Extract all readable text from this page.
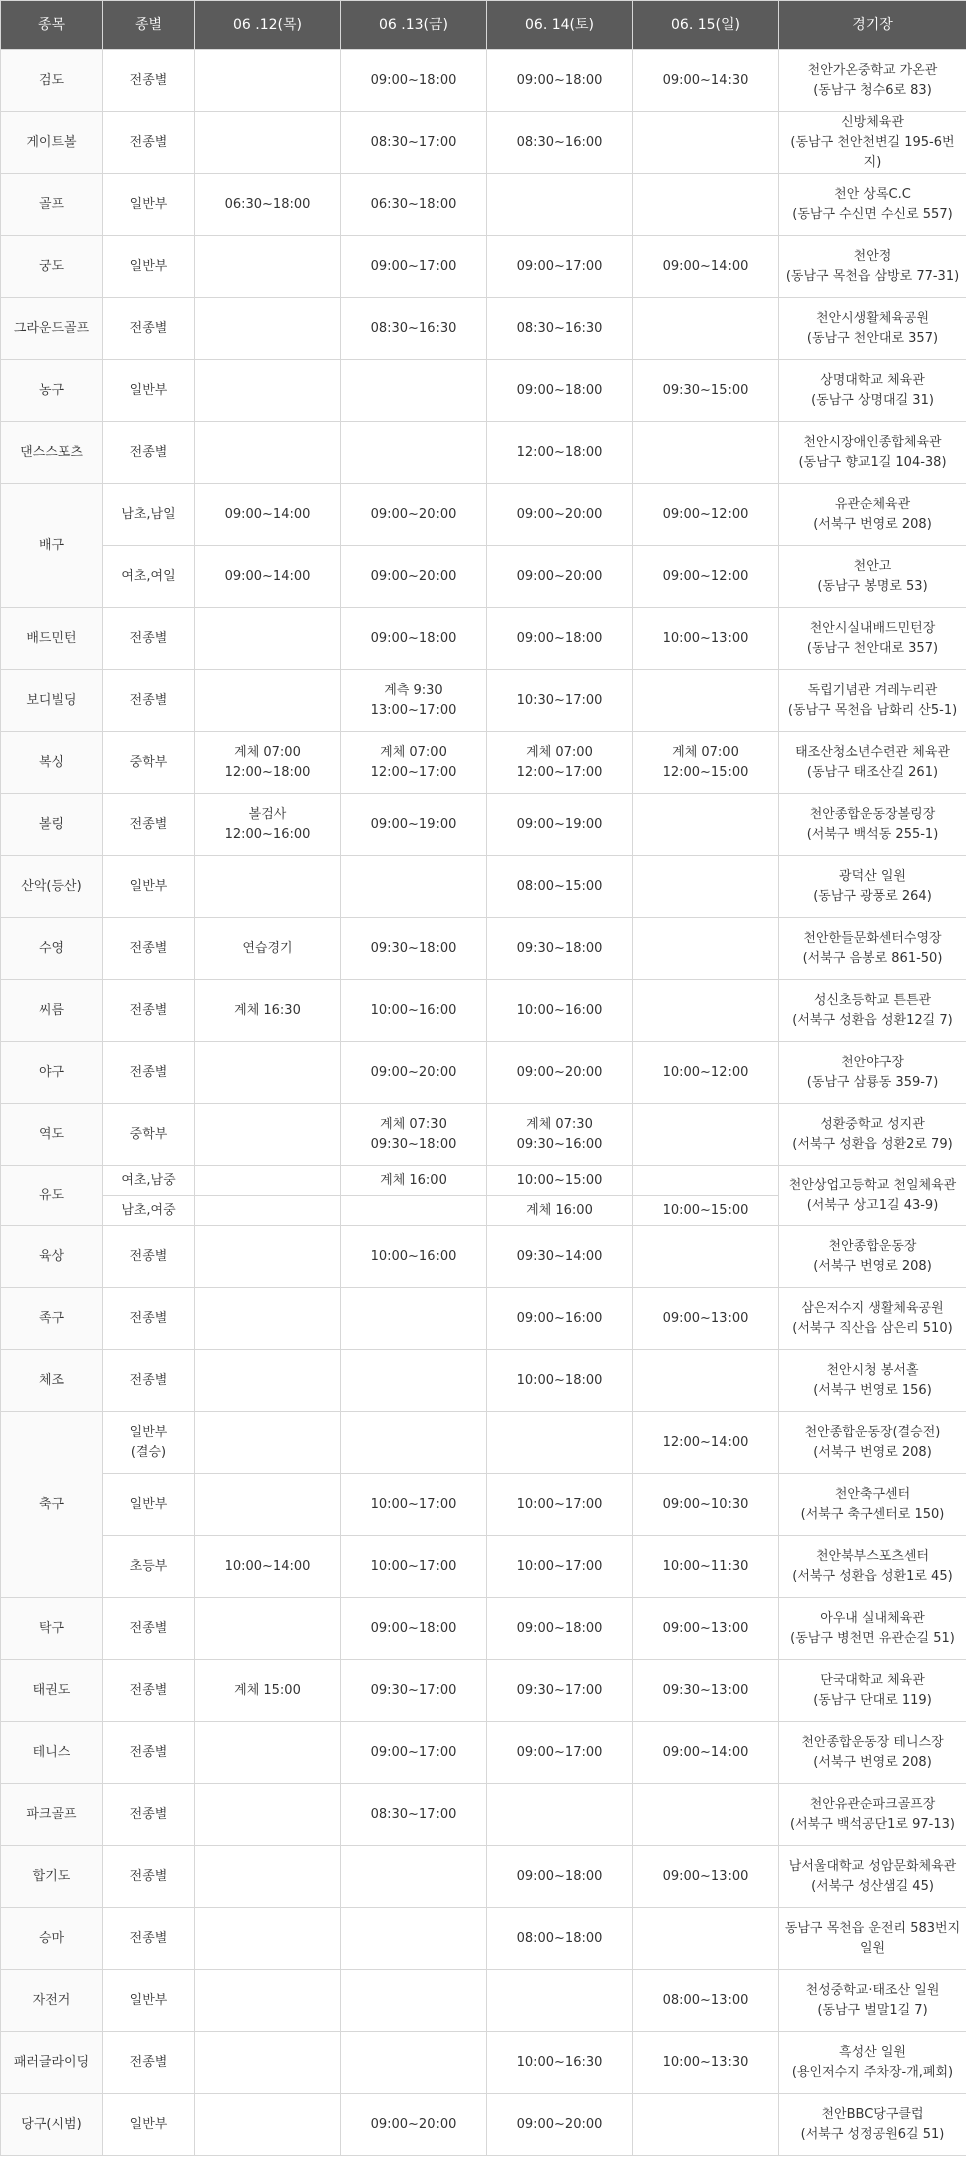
종목	종별	06 .12(목)	06 .13(금)	06. 14(토)	06. 15(일)	경기장
검도	전종별		09:00~18:00	09:00~18:00	09:00~14:30	천안가온중학교 가온관
(동남구 청수6로 83)
게이트볼	전종별		08:30~17:00	08:30~16:00		신방체육관
(동남구 천안천변길 195-6번지)
골프	일반부	06:30~18:00	06:30~18:00			천안 상록C.C
(동남구 수신면 수신로 557)
궁도	일반부		09:00~17:00	09:00~17:00	09:00~14:00	천안정
(동남구 목천읍 삼방로 77-31)
그라운드골프	전종별		08:30~16:30	08:30~16:30		천안시생활체육공원
(동남구 천안대로 357)
농구	일반부			09:00~18:00	09:30~15:00	상명대학교 체육관
(동남구 상명대길 31)
댄스스포츠	전종별			12:00~18:00		천안시장애인종합체육관
(동남구 향교1길 104-38)
배구	남초,남일	09:00~14:00	09:00~20:00	09:00~20:00	09:00~12:00	유관순체육관
(서북구 번영로 208)
	여초,여일	09:00~14:00	09:00~20:00	09:00~20:00	09:00~12:00	천안고
(동남구 봉명로 53)
배드민턴	전종별		09:00~18:00	09:00~18:00	10:00~13:00	천안시실내배드민턴장
(동남구 천안대로 357)
보디빌딩	전종별		계측 9:30
13:00~17:00	10:30~17:00		독립기념관 겨레누리관
(동남구 목천읍 남화리 산5-1)
복싱	중학부	계체 07:00
12:00~18:00	계체 07:00
12:00~17:00	계체 07:00
12:00~17:00	계체 07:00
12:00~15:00	태조산청소년수련관 체육관
(동남구 태조산길 261)
볼링	전종별	볼검사
12:00~16:00	09:00~19:00	09:00~19:00		천안종합운동장볼링장
(서북구 백석동 255-1)
산악(등산)	일반부			08:00~15:00		광덕산 일원
(동남구 광풍로 264)
수영	전종별	연습경기	09:30~18:00	09:30~18:00		천안한들문화센터수영장
(서북구 음봉로 861-50)
씨름	전종별	계체 16:30	10:00~16:00	10:00~16:00		성신초등학교 튼튼관
(서북구 성환읍 성환12길 7)
야구	전종별		09:00~20:00	09:00~20:00	10:00~12:00	천안야구장
(동남구 삼룡동 359-7)
역도	중학부		계체 07:30
09:30~18:00	계체 07:30
09:30~16:00		성환중학교 성지관
(서북구 성환읍 성환2로 79)
유도	여초,남중		계체 16:00	10:00~15:00		천안상업고등학교 천일체육관
(서북구 상고1길 43-9)
	남초,여중			계체 16:00	10:00~15:00	
육상	전종별		10:00~16:00	09:30~14:00		천안종합운동장
(서북구 번영로 208)
족구	전종별			09:00~16:00	09:00~13:00	삼은저수지 생활체육공원
(서북구 직산읍 삼은리 510)
체조	전종별			10:00~18:00		천안시청 봉서홀
(서북구 번영로 156)
축구	일반부
(결승)				12:00~14:00	천안종합운동장(결승전)
(서북구 번영로 208)
	일반부		10:00~17:00	10:00~17:00	09:00~10:30	천안축구센터
(서북구 축구센터로 150)
	초등부	10:00~14:00	10:00~17:00	10:00~17:00	10:00~11:30	천안북부스포츠센터
(서북구 성환읍 성환1로 45)
탁구	전종별		09:00~18:00	09:00~18:00	09:00~13:00	아우내 실내체육관
(동남구 병천면 유관순길 51)
태권도	전종별	계체 15:00	09:30~17:00	09:30~17:00	09:30~13:00	단국대학교 체육관
(동남구 단대로 119)
테니스	전종별		09:00~17:00	09:00~17:00	09:00~14:00	천안종합운동장 테니스장
(서북구 번영로 208)
파크골프	전종별		08:30~17:00			천안유관순파크골프장
(서북구 백석공단1로 97-13)
합기도	전종별			09:00~18:00	09:00~13:00	남서울대학교 성암문화체육관
(서북구 성산샘길 45)
승마	전종별			08:00~18:00		동남구 목천읍 운전리 583번지
일원
자전거	일반부				08:00~13:00	천성중학교·태조산 일원
(동남구 벌말1길 7)
패러글라이딩	전종별			10:00~16:30	10:00~13:30	흑성산 일원
(용인저수지 주차장-개,폐회)
당구(시범)	일반부		09:00~20:00	09:00~20:00		천안BBC당구클럽
(서북구 성정공원6길 51)
